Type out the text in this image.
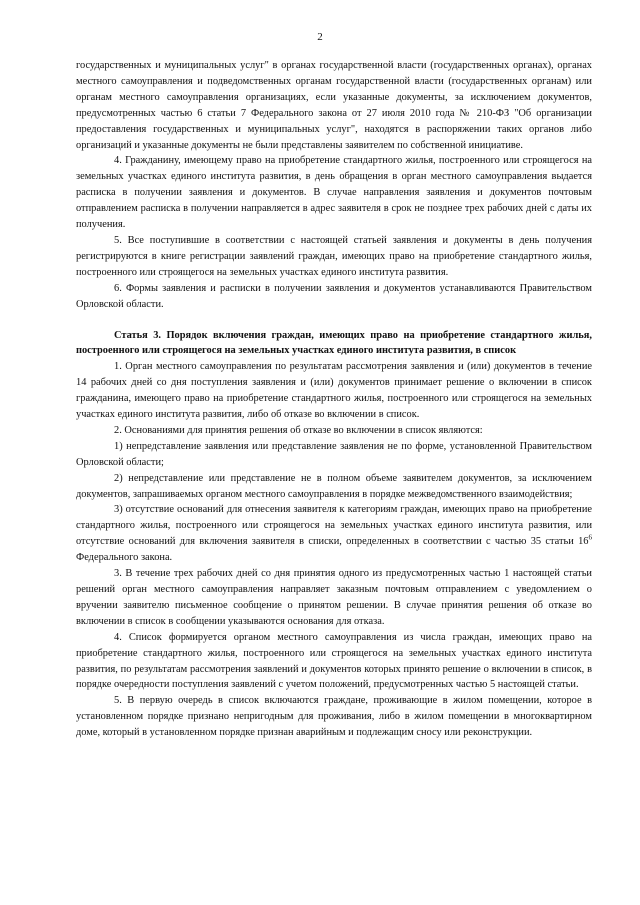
2

государственных и муниципальных услуг" в органах государственной власти (государственных органах), органах местного самоуправления и подведомственных органам государственной власти (государственных органам) или органам местного самоуправления организациях, если указанные документы, за исключением документов, предусмотренных частью 6 статьи 7 Федерального закона от 27 июля 2010 года № 210-ФЗ "Об организации предоставления государственных и муниципальных услуг", находятся в распоряжении таких органов либо организаций и указанные документы не были представлены заявителем по собственной инициативе.

4. Гражданину, имеющему право на приобретение стандартного жилья, построенного или строящегося на земельных участках единого института развития, в день обращения в орган местного самоуправления выдается расписка в получении заявления и документов. В случае направления заявления и документов почтовым отправлением расписка в получении направляется в адрес заявителя в срок не позднее трех рабочих дней с даты их получения.

5. Все поступившие в соответствии с настоящей статьей заявления и документы в день получения регистрируются в книге регистрации заявлений граждан, имеющих право на приобретение стандартного жилья, построенного или строящегося на земельных участках единого института развития.

6. Формы заявления и расписки в получении заявления и документов устанавливаются Правительством Орловской области.

Статья 3. Порядок включения граждан, имеющих право на приобретение стандартного жилья, построенного или строящегося на земельных участках единого института развития, в список

1. Орган местного самоуправления по результатам рассмотрения заявления и (или) документов в течение 14 рабочих дней со дня поступления заявления и (или) документов принимает решение о включении в список гражданина, имеющего право на приобретение стандартного жилья, построенного или строящегося на земельных участках единого института развития, либо об отказе во включении в список.

2. Основаниями для принятия решения об отказе во включении в список являются:

1) непредставление заявления или представление заявления не по форме, установленной Правительством Орловской области;

2) непредставление или представление не в полном объеме заявителем документов, за исключением документов, запрашиваемых органом местного самоуправления в порядке межведомственного взаимодействия;

3) отсутствие оснований для отнесения заявителя к категориям граждан, имеющих право на приобретение стандартного жилья, построенного или строящегося на земельных участках единого института развития, или отсутствие оснований для включения заявителя в списки, определенных в соответствии с частью 35 статьи $16^6$ Федерального закона.

3. В течение трех рабочих дней со дня принятия одного из предусмотренных частью 1 настоящей статьи решений орган местного самоуправления направляет заказным почтовым отправлением с уведомлением о вручении заявителю письменное сообщение о принятом решении. В случае принятия решения об отказе во включении в список в сообщении указываются основания для отказа.

4. Список формируется органом местного самоуправления из числа граждан, имеющих право на приобретение стандартного жилья, построенного или строящегося на земельных участках единого института развития, по результатам рассмотрения заявлений и документов которых принято решение о включении в список, в порядке очередности поступления заявлений с учетом положений, предусмотренных частью 5 настоящей статьи.

5. В первую очередь в список включаются граждане, проживающие в жилом помещении, которое в установленном порядке признано непригодным для проживания, либо в жилом помещении в многоквартирном доме, который в установленном порядке признан аварийным и подлежащим сносу или реконструкции.
